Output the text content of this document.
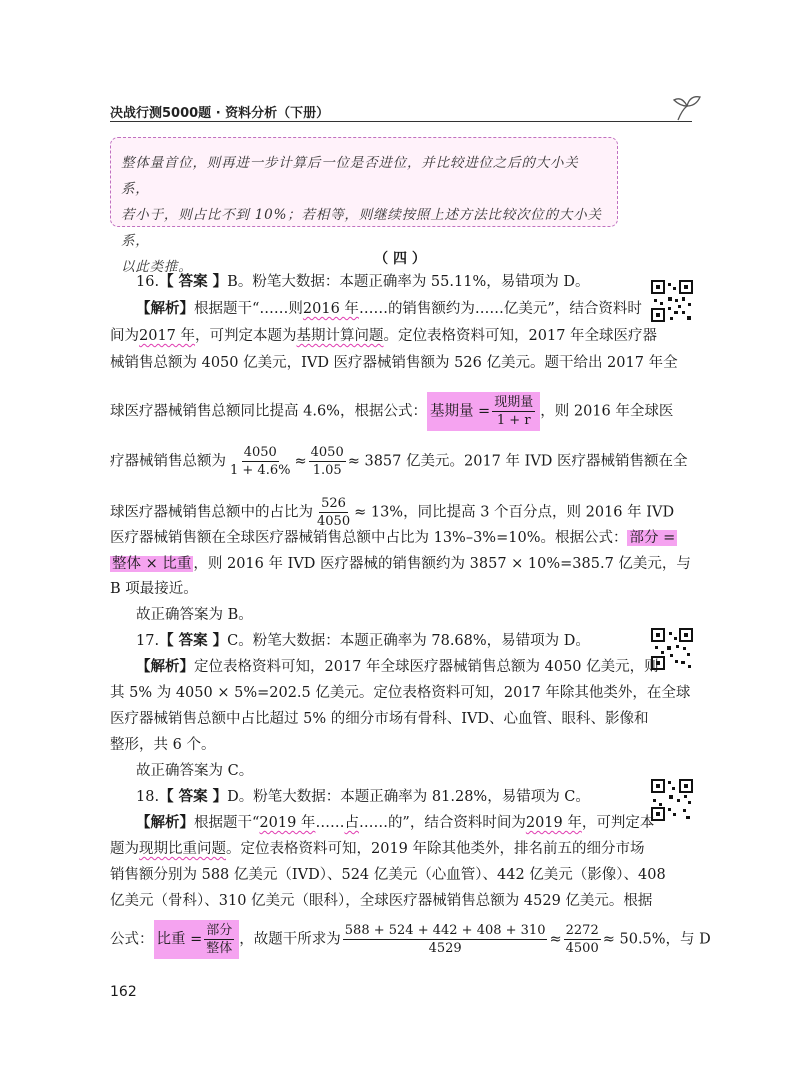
决战行测5000题 · 资料分析（下册）

整体量首位，则再进一步计算后一位是否进位，并比较进位之后的大小关系，

若小于，则占比不到 10%；若相等，则继续按照上述方法比较次位的大小关系，

以此类推。	（ 四 ）
16.【 答案 】B。粉笔大数据：本题正确率为 55.11%，易错项为 D。
【解析】根据题干“……则2016 年……的销售额约为……亿美元”，结合资料时
间为2017 年，可判定本题为基期计算问题。定位表格资料可知，2017 年全球医疗器
械销售总额为 4050 亿美元，IVD 医疗器械销售额为 526 亿美元。题干给出 2017 年全
球医疗器械销售总额同比提高 4.6%，根据公式： 基期量 = $\frac{\text{现期量}}{1 + r}$ ，则 2016 年全球医
疗器械销售总额为 $\frac{4050}{1 + 4.6\%} \approx \frac{4050}{1.05} \approx 3857$ 亿美元。2017 年 IVD 医疗器械销售额在全
球医疗器械销售总额中的占比为 $\frac{526}{4050} \approx 13\%$，同比提高 3 个百分点，则 2016 年 IVD
医疗器械销售额在全球医疗器械销售总额中占比为 13%–3%=10%。根据公式： 部分 =
整体 × 比重 ，则 2016 年 IVD 医疗器械的销售额约为 3857 × 10%=385.7 亿美元，与
B 项最接近。
故正确答案为 B。
17.【 答案 】C。粉笔大数据：本题正确率为 78.68%，易错项为 D。
【解析】定位表格资料可知，2017 年全球医疗器械销售总额为 4050 亿美元，则
其 5% 为 4050 × 5%=202.5 亿美元。定位表格资料可知，2017 年除其他类外，在全球
医疗器械销售总额中占比超过 5% 的细分市场有骨科、IVD、心血管、眼科、影像和
整形，共 6 个。
故正确答案为 C。
18.【 答案 】D。粉笔大数据：本题正确率为 81.28%，易错项为 C。
【解析】根据题干“2019 年……占……的”，结合资料时间为2019 年，可判定本
题为现期比重问题。定位表格资料可知，2019 年除其他类外，排名前五的细分市场
销售额分别为 588 亿美元（IVD）、524 亿美元（心血管）、442 亿美元（影像）、408
亿美元（骨科）、310 亿美元（眼科），全球医疗器械销售总额为 4529 亿美元。根据
公式： 比重 = $\frac{\text{部分}}{\text{整体}}$ ，故题干所求为 $\frac{588 + 524 + 442 + 408 + 310}{4529} \approx \frac{2272}{4500} \approx 50.5\%$，与 D
162
